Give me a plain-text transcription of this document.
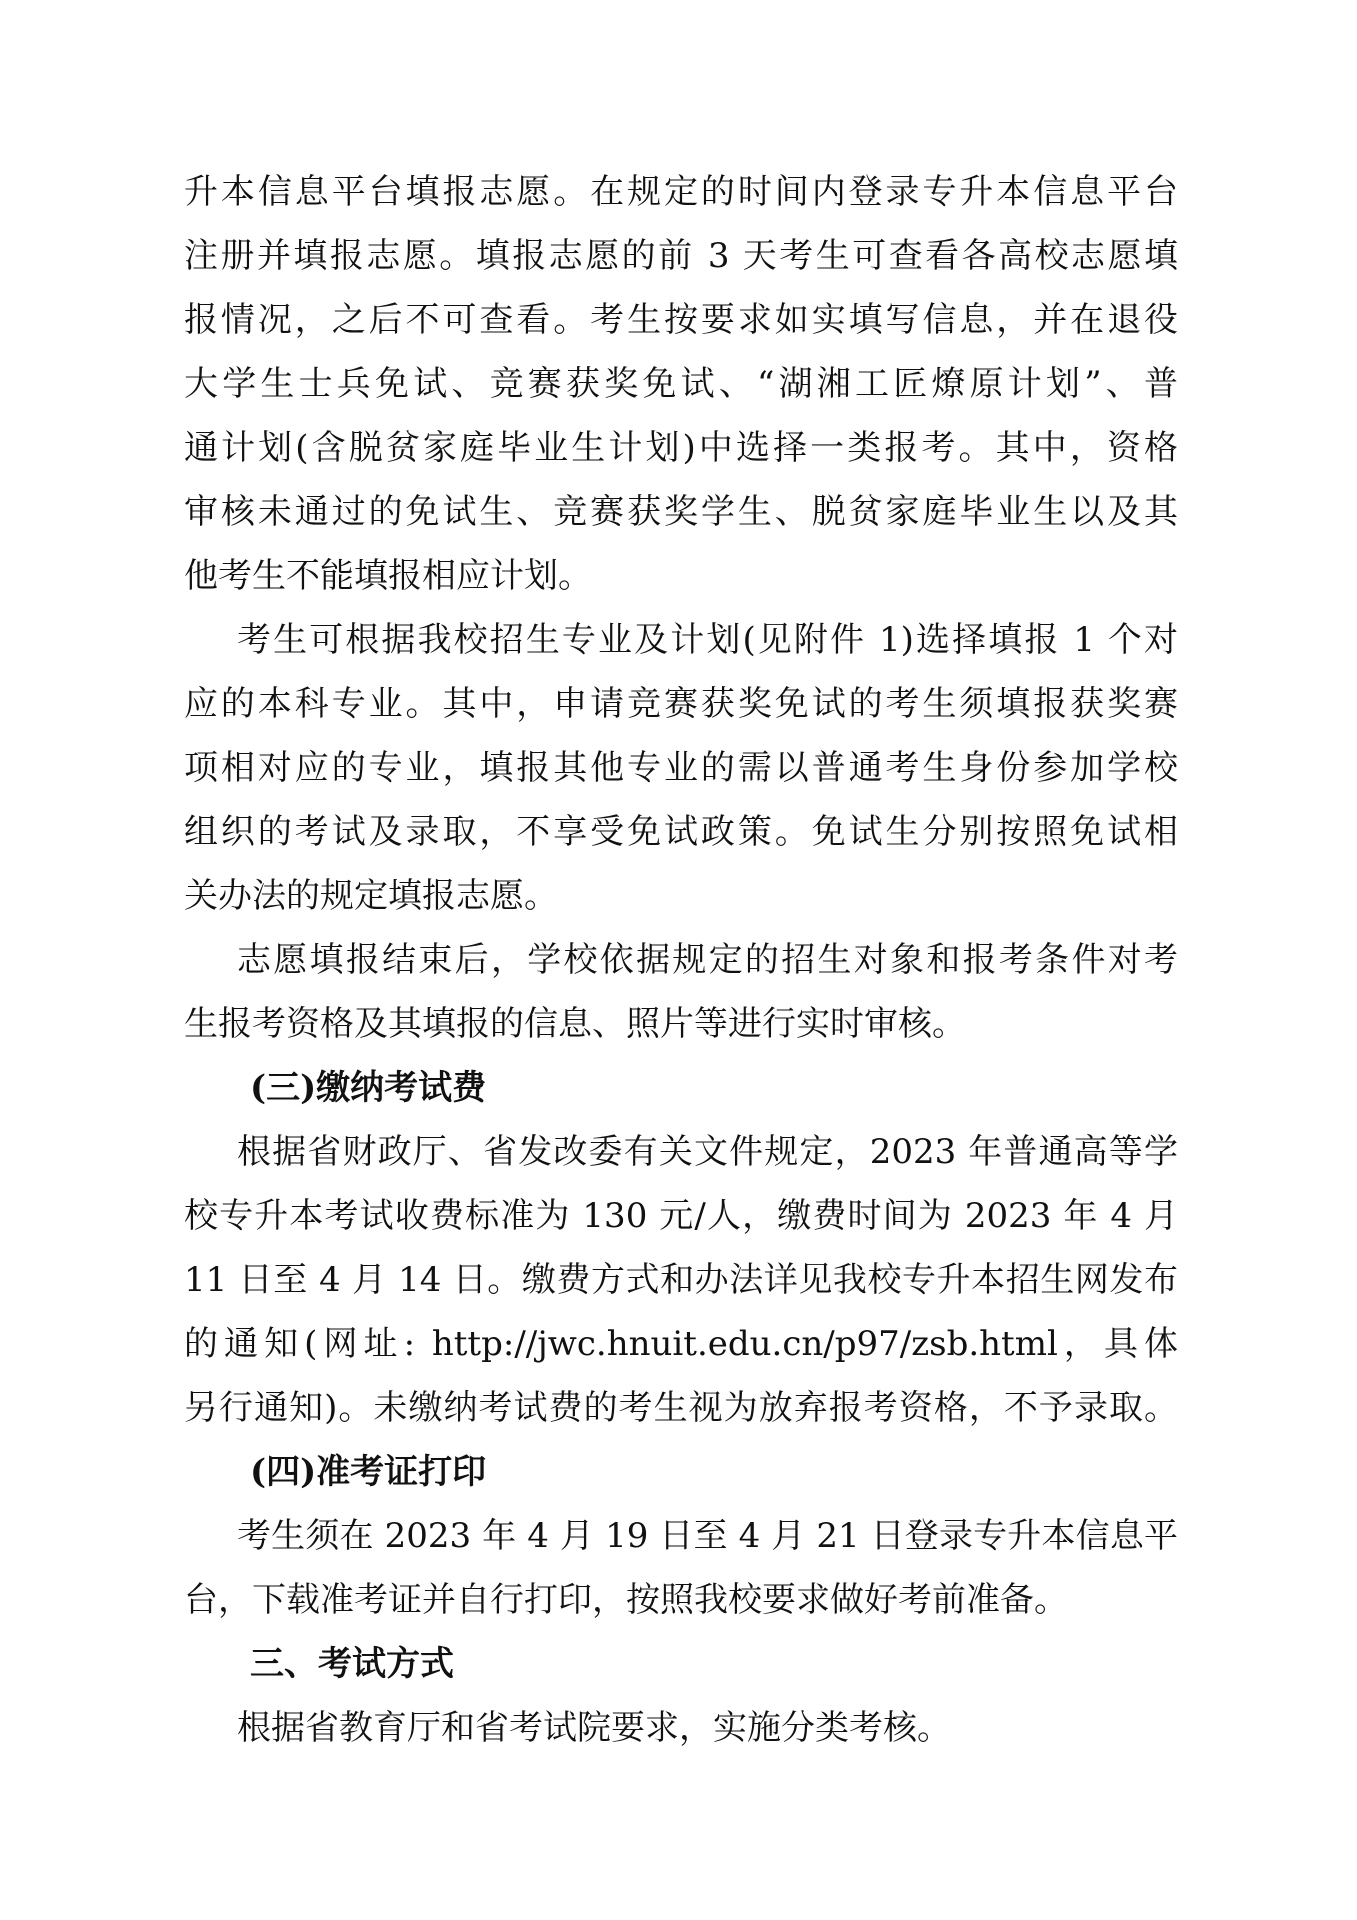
升本信息平台填报志愿。在规定的时间内登录专升本信息平台
注册并填报志愿。填报志愿的前 3 天考生可查看各高校志愿填
报情况，之后不可查看。考生按要求如实填写信息，并在退役
大学生士兵免试、竞赛获奖免试、“湖湘工匠燎原计划”、普
通计划(含脱贫家庭毕业生计划)中选择一类报考。其中，资格
审核未通过的免试生、竞赛获奖学生、脱贫家庭毕业生以及其
他考生不能填报相应计划。
考生可根据我校招生专业及计划(见附件 1)选择填报 1 个对
应的本科专业。其中，申请竞赛获奖免试的考生须填报获奖赛
项相对应的专业，填报其他专业的需以普通考生身份参加学校
组织的考试及录取，不享受免试政策。免试生分别按照免试相
关办法的规定填报志愿。
志愿填报结束后，学校依据规定的招生对象和报考条件对考
生报考资格及其填报的信息、照片等进行实时审核。
(三)缴纳考试费
根据省财政厅、省发改委有关文件规定，2023 年普通高等学
校专升本考试收费标准为 130 元/人，缴费时间为 2023 年 4 月
11 日至 4 月 14 日。缴费方式和办法详见我校专升本招生网发布
的通知(网址: http://jwc.hnuit.edu.cn/p97/zsb.html，具体
另行通知)。未缴纳考试费的考生视为放弃报考资格，不予录取。
(四)准考证打印
考生须在 2023 年 4 月 19 日至 4 月 21 日登录专升本信息平
台，下载准考证并自行打印，按照我校要求做好考前准备。
三、考试方式
根据省教育厅和省考试院要求，实施分类考核。
